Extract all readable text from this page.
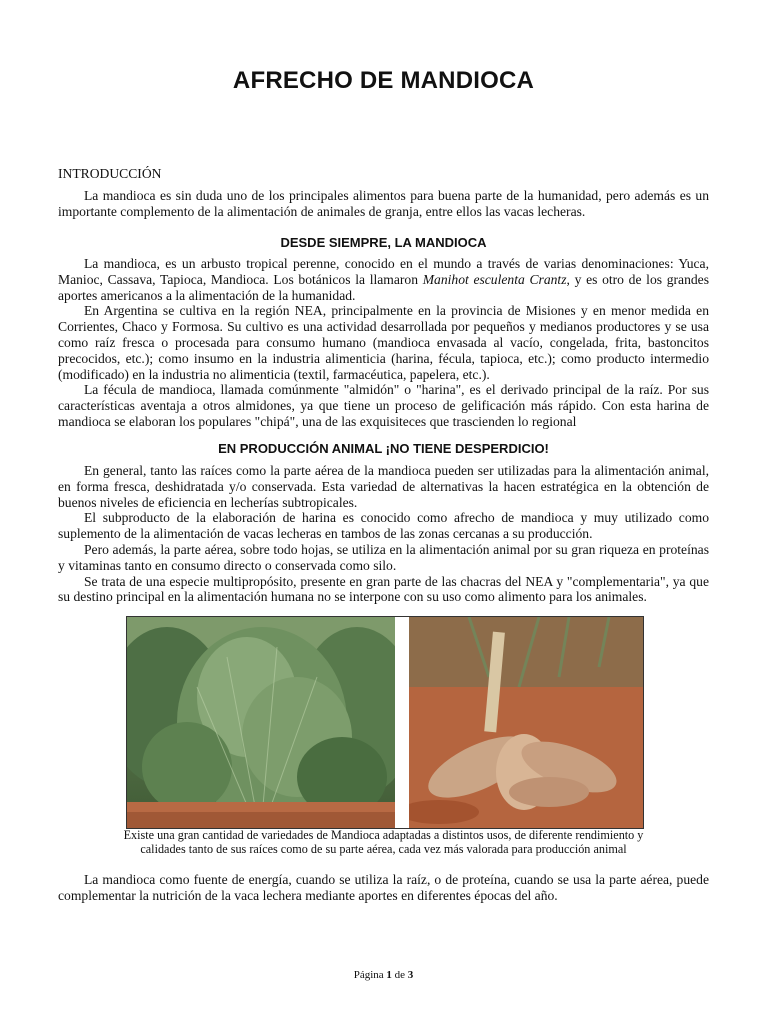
AFRECHO DE MANDIOCA

INTRODUCCIÓN

La mandioca es sin duda uno de los principales alimentos para buena parte de la humanidad, pero además es un importante complemento de la alimentación de animales de granja, entre ellos las vacas lecheras.

DESDE SIEMPRE, LA MANDIOCA

La mandioca, es un arbusto tropical perenne, conocido en el mundo a través de varias denominaciones: Yuca, Manioc, Cassava, Tapioca, Mandioca. Los botánicos la llamaron Manihot esculenta Crantz, y es otro de los grandes aportes americanos a la alimentación de la humanidad.

En Argentina se cultiva en la región NEA, principalmente en la provincia de Misiones y en menor medida en Corrientes, Chaco y Formosa. Su cultivo es una actividad desarrollada por pequeños y medianos productores y se usa como raíz fresca o procesada para consumo humano (mandioca envasada al vacío, congelada, frita, bastoncitos precocidos, etc.); como insumo en la industria alimenticia (harina, fécula, tapioca, etc.); como producto intermedio (modificado) en la industria no alimenticia (textil, farmacéutica, papelera, etc.).

La fécula de mandioca, llamada comúnmente "almidón" o "harina", es el derivado principal de la raíz. Por sus características aventaja a otros almidones, ya que tiene un proceso de gelificación más rápido. Con esta harina de mandioca se elaboran los populares "chipá", una de las exquisiteces que trascienden lo regional

EN PRODUCCIÓN ANIMAL ¡NO TIENE DESPERDICIO!

En general, tanto las raíces como la parte aérea de la mandioca pueden ser utilizadas para la alimentación animal, en forma fresca, deshidratada y/o conservada. Esta variedad de alternativas la hacen estratégica en la obtención de buenos niveles de eficiencia en lecherías subtropicales.

El subproducto de la elaboración de harina es conocido como afrecho de mandioca y muy utilizado como suplemento de la alimentación de vacas lecheras en tambos de las zonas cercanas a su producción.

Pero además, la parte aérea, sobre todo hojas, se utiliza en la alimentación animal por su gran riqueza en proteínas y vitaminas tanto en consumo directo o conservada como silo.

Se trata de una especie multipropósito, presente en gran parte de las chacras del NEA y "complementaria", ya que su destino principal en la alimentación humana no se interpone con su uso como alimento para los animales.

Existe una gran cantidad de variedades de Mandioca adaptadas a distintos usos, de diferente rendimiento y
calidades tanto de sus raíces como de su parte aérea, cada vez más valorada para producción animal

La mandioca como fuente de energía, cuando se utiliza la raíz, o de proteína, cuando se usa la parte aérea, puede complementar la nutrición de la vaca lechera mediante aportes en diferentes épocas del año.

Página 1 de 3
